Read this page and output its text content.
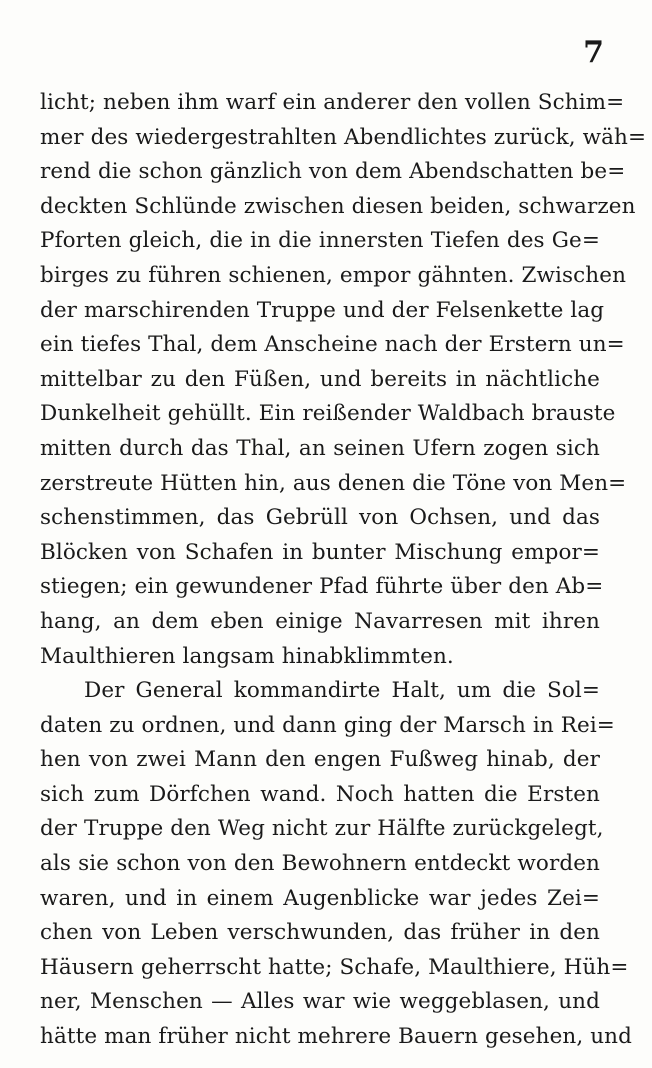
7
licht; neben ihm warf ein anderer den vollen Schim=
mer des wiedergestrahlten Abendlichtes zurück, wäh=
rend die schon gänzlich von dem Abendschatten be=
deckten Schlünde zwischen diesen beiden, schwarzen
Pforten gleich, die in die innersten Tiefen des Ge=
birges zu führen schienen, empor gähnten. Zwischen
der marschirenden Truppe und der Felsenkette lag
ein tiefes Thal, dem Anscheine nach der Erstern un=
mittelbar zu den Füßen, und bereits in nächtliche
Dunkelheit gehüllt. Ein reißender Waldbach brauste
mitten durch das Thal, an seinen Ufern zogen sich
zerstreute Hütten hin, aus denen die Töne von Men=
schenstimmen, das Gebrüll von Ochsen, und das
Blöcken von Schafen in bunter Mischung empor=
stiegen; ein gewundener Pfad führte über den Ab=
hang, an dem eben einige Navarresen mit ihren
Maulthieren langsam hinabklimmten.
Der General kommandirte Halt, um die Sol=
daten zu ordnen, und dann ging der Marsch in Rei=
hen von zwei Mann den engen Fußweg hinab, der
sich zum Dörfchen wand. Noch hatten die Ersten
der Truppe den Weg nicht zur Hälfte zurückgelegt,
als sie schon von den Bewohnern entdeckt worden
waren, und in einem Augenblicke war jedes Zei=
chen von Leben verschwunden, das früher in den
Häusern geherrscht hatte; Schafe, Maulthiere, Hüh=
ner, Menschen — Alles war wie weggeblasen, und
hätte man früher nicht mehrere Bauern gesehen, und
